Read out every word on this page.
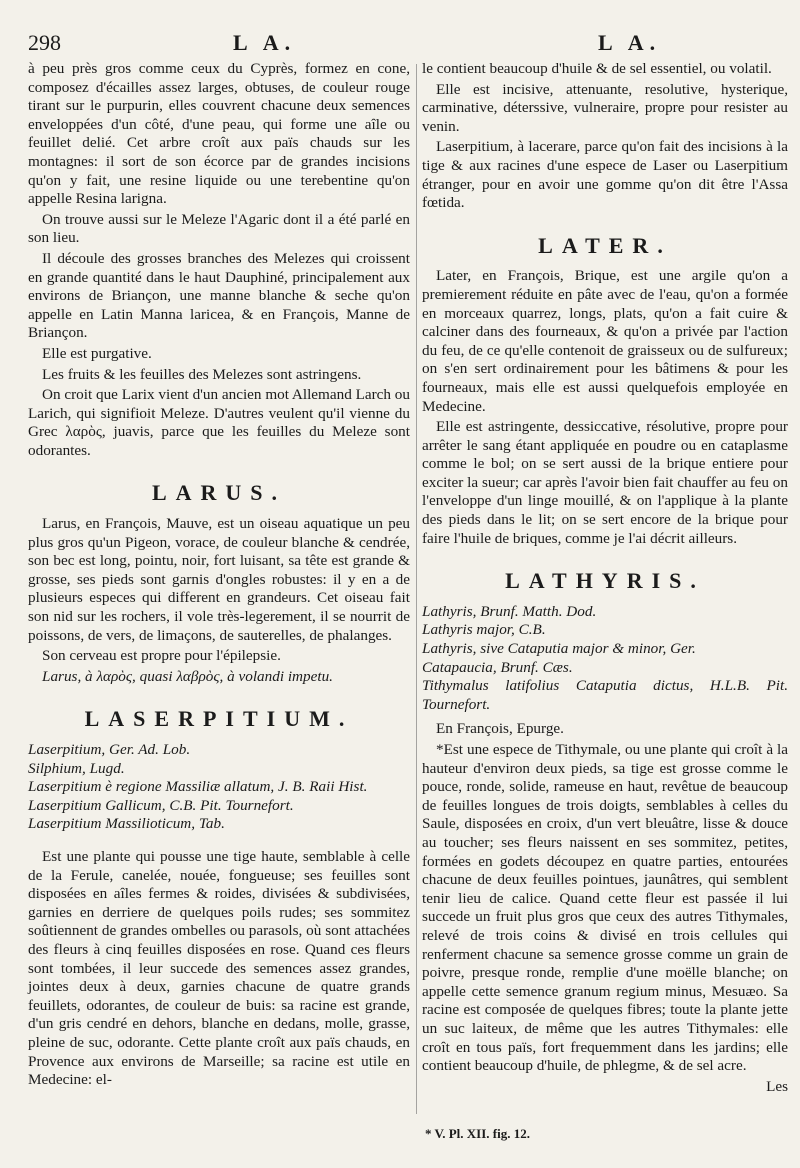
298	L A.	L A.

à peu près gros comme ceux du Cyprès, formez en cone, composez d'écailles assez larges, obtuses, de couleur rouge tirant sur le purpurin, elles couvrent chacune deux semences enveloppées d'un côté, d'une peau, qui forme une aîle ou feuillet delié. Cet arbre croît aux païs chauds sur les montagnes: il sort de son écorce par de grandes incisions qu'on y fait, une resine liquide ou une terebentine qu'on appelle Resina larigna.

On trouve aussi sur le Meleze l'Agaric dont il a été parlé en son lieu.

Il découle des grosses branches des Melezes qui croissent en grande quantité dans le haut Dauphiné, principalement aux environs de Briançon, une manne blanche & seche qu'on appelle en Latin Manna laricea, & en François, Manne de Briançon.

Elle est purgative.

Les fruits & les feuilles des Melezes sont astringens.

On croit que Larix vient d'un ancien mot Allemand Larch ou Larich, qui signifioit Meleze. D'autres veulent qu'il vienne du Grec λαρὸς, juavis, parce que les feuilles du Meleze sont odorantes.

LARUS.

Larus, en François, Mauve, est un oiseau aquatique un peu plus gros qu'un Pigeon, vorace, de couleur blanche & cendrée, son bec est long, pointu, noir, fort luisant, sa tête est grande & grosse, ses pieds sont garnis d'ongles robustes: il y en a de plusieurs especes qui different en grandeurs. Cet oiseau fait son nid sur les rochers, il vole très-legerement, il se nourrit de poissons, de vers, de limaçons, de sauterelles, de phalanges.

Son cerveau est propre pour l'épilepsie.

Larus, à λαρὸς, quasi λαβρὸς, à volandi impetu.

LASERPITIUM.

Laserpitium, Ger. Ad. Lob.

Silphium, Lugd.

Laserpitium è regione Massiliæ allatum, J. B. Raii Hist.

Laserpitium Gallicum, C.B. Pit. Tournefort.

Laserpitium Massilioticum, Tab.

Est une plante qui pousse une tige haute, semblable à celle de la Ferule, canelée, nouée, fongueuse; ses feuilles sont disposées en aîles fermes & roides, divisées & subdivisées, garnies en derriere de quelques poils rudes; ses sommitez soûtiennent de grandes ombelles ou parasols, où sont attachées des fleurs à cinq feuilles disposées en rose. Quand ces fleurs sont tombées, il leur succede des semences assez grandes, jointes deux à deux, garnies chacune de quatre grands feuillets, odorantes, de couleur de buis: sa racine est grande, d'un gris cendré en dehors, blanche en dedans, molle, grasse, pleine de suc, odorante. Cette plante croît aux païs chauds, en Provence aux environs de Marseille; sa racine est utile en Medecine: el-

le contient beaucoup d'huile & de sel essentiel, ou volatil.

Elle est incisive, attenuante, resolutive, hysterique, carminative, déterssive, vulneraire, propre pour resister au venin.

Laserpitium, à lacerare, parce qu'on fait des incisions à la tige & aux racines d'une espece de Laser ou Laserpitium étranger, pour en avoir une gomme qu'on dit être l'Assa fœtida.

LATER.

Later, en François, Brique, est une argile qu'on a premierement réduite en pâte avec de l'eau, qu'on a formée en morceaux quarrez, longs, plats, qu'on a fait cuire & calciner dans des fourneaux, & qu'on a privée par l'action du feu, de ce qu'elle contenoit de graisseux ou de sulfureux; on s'en sert ordinairement pour les bâtimens & pour les fourneaux, mais elle est aussi quelquefois employée en Medecine.

Elle est astringente, dessiccative, résolutive, propre pour arrêter le sang étant appliquée en poudre ou en cataplasme comme le bol; on se sert aussi de la brique entiere pour exciter la sueur; car après l'avoir bien fait chauffer au feu on l'enveloppe d'un linge mouillé, & on l'applique à la plante des pieds dans le lit; on se sert encore de la brique pour faire l'huile de briques, comme je l'ai décrit ailleurs.

LATHYRIS.

Lathyris, Brunf. Matth. Dod.

Lathyris major, C.B.

Lathyris, sive Cataputia major & minor, Ger.

Catapaucia, Brunf. Cæs.

Tithymalus latifolius Cataputia dictus, H.L.B. Pit. Tournefort.

En François, Epurge.

*Est une espece de Tithymale, ou une plante qui croît à la hauteur d'environ deux pieds, sa tige est grosse comme le pouce, ronde, solide, rameuse en haut, revêtue de beaucoup de feuilles longues de trois doigts, semblables à celles du Saule, disposées en croix, d'un vert bleuâtre, lisse & douce au toucher; ses fleurs naissent en ses sommitez, petites, formées en godets découpez en quatre parties, entourées chacune de deux feuilles pointues, jaunâtres, qui semblent tenir lieu de calice. Quand cette fleur est passée il lui succede un fruit plus gros que ceux des autres Tithymales, relevé de trois coins & divisé en trois cellules qui renferment chacune sa semence grosse comme un grain de poivre, presque ronde, remplie d'une moëlle blanche; on appelle cette semence granum regium minus, Mesuæo. Sa racine est composée de quelques fibres; toute la plante jette un suc laiteux, de même que les autres Tithymales: elle croît en tous païs, fort frequemment dans les jardins; elle contient beaucoup d'huile, de phlegme, & de sel acre.

Les

* V. Pl. XII. fig. 12.
